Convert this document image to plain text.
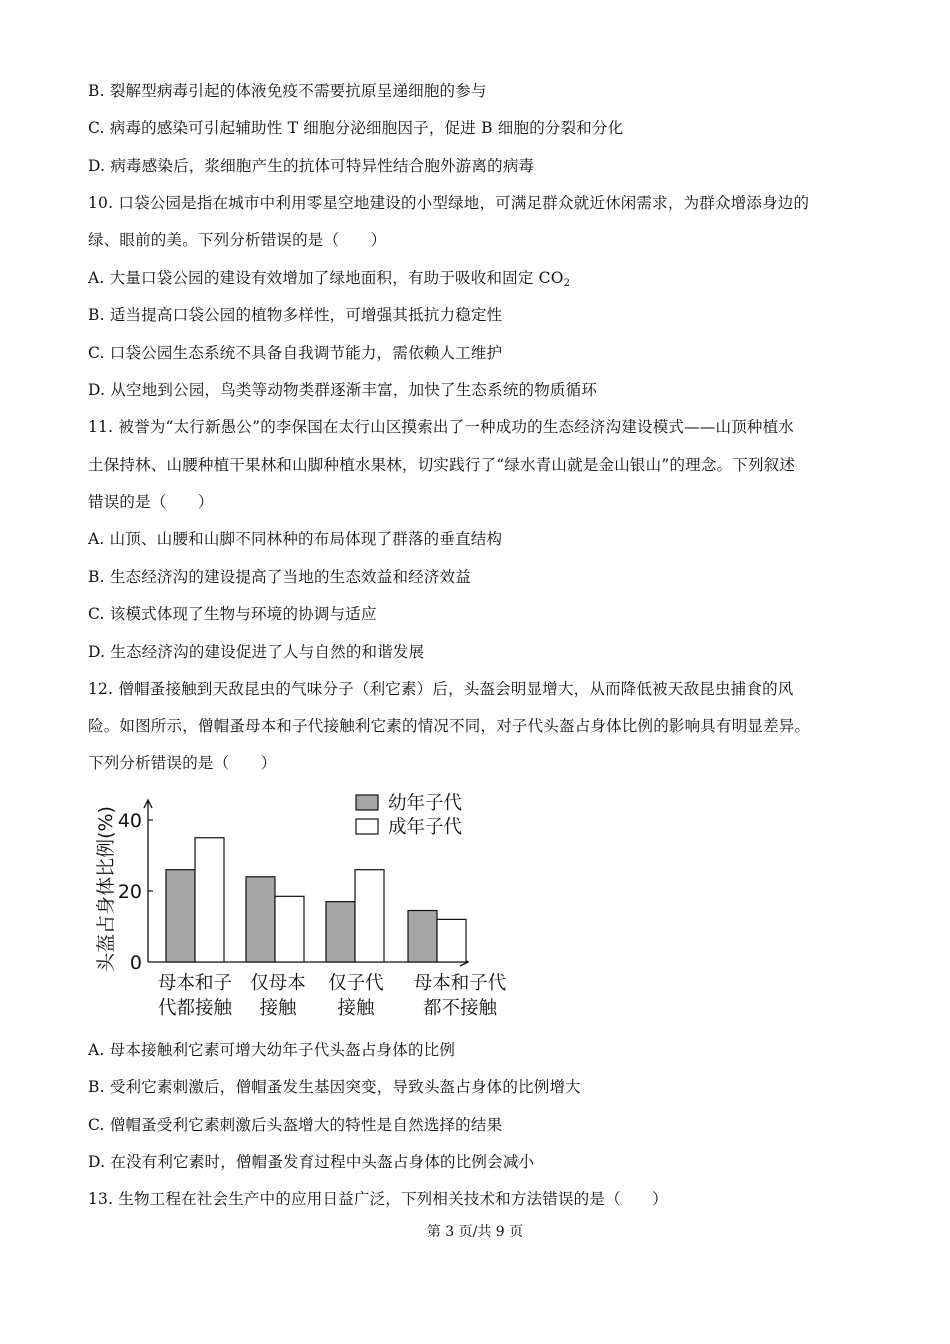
B. 裂解型病毒引起的体液免疫不需要抗原呈递细胞的参与
C. 病毒的感染可引起辅助性 T 细胞分泌细胞因子，促进 B 细胞的分裂和分化
D. 病毒感染后，浆细胞产生的抗体可特异性结合胞外游离的病毒
10. 口袋公园是指在城市中利用零星空地建设的小型绿地，可满足群众就近休闲需求，为群众增添身边的
绿、眼前的美。下列分析错误的是（　　）
A. 大量口袋公园的建设有效增加了绿地面积，有助于吸收和固定 $CO_2$
B. 适当提高口袋公园的植物多样性，可增强其抵抗力稳定性
C. 口袋公园生态系统不具备自我调节能力，需依赖人工维护
D. 从空地到公园，鸟类等动物类群逐渐丰富，加快了生态系统的物质循环
11. 被誉为“太行新愚公”的李保国在太行山区摸索出了一种成功的生态经济沟建设模式——山顶种植水
土保持林、山腰种植干果林和山脚种植水果林，切实践行了“绿水青山就是金山银山”的理念。下列叙述
错误的是（　　）
A. 山顶、山腰和山脚不同林种的布局体现了群落的垂直结构
B. 生态经济沟的建设提高了当地的生态效益和经济效益
C. 该模式体现了生物与环境的协调与适应
D. 生态经济沟的建设促进了人与自然的和谐发展
12. 僧帽蚤接触到天敌昆虫的气味分子（利它素）后，头盔会明显增大，从而降低被天敌昆虫捕食的风
险。如图所示，僧帽蚤母本和子代接触利它素的情况不同，对子代头盔占身体比例的影响具有明显差异。
下列分析错误的是（　　）
0
20
40
头盔占身体比例(%)
母本和子
代都接触
仅母本
接触
仅子代
接触
母本和子代
都不接触
幼年子代
成年子代
A. 母本接触利它素可增大幼年子代头盔占身体的比例
B. 受利它素刺激后，僧帽蚤发生基因突变，导致头盔占身体的比例增大
C. 僧帽蚤受利它素刺激后头盔增大的特性是自然选择的结果
D. 在没有利它素时，僧帽蚤发育过程中头盔占身体的比例会减小
13. 生物工程在社会生产中的应用日益广泛，下列相关技术和方法错误的是（　　）
第 3 页/共 9 页
